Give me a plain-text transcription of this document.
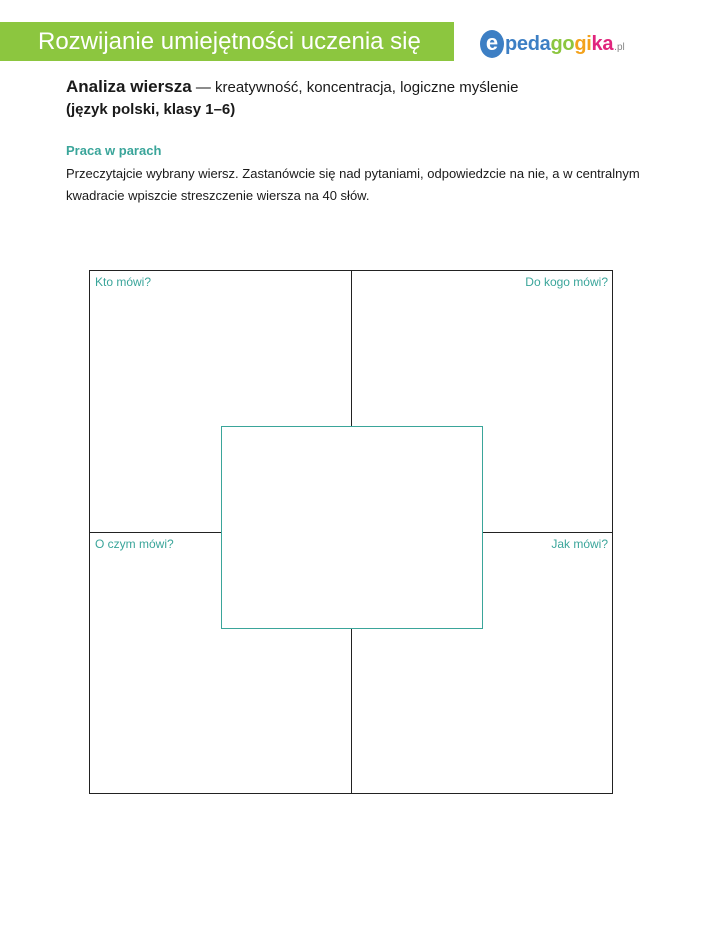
Rozwijanie umiejętności uczenia się	e pedagogika .pl
Analiza wiersza — kreatywność, koncentracja, logiczne myślenie
(język polski, klasy 1–6)
Praca w parach
Przeczytajcie wybrany wiersz. Zastanówcie się nad pytaniami, odpowiedzcie na nie, a w centralnym kwadracie wpiszcie streszczenie wiersza na 40 słów.
Kto mówi?	Do kogo mówi?
O czym mówi?	Jak mówi?
